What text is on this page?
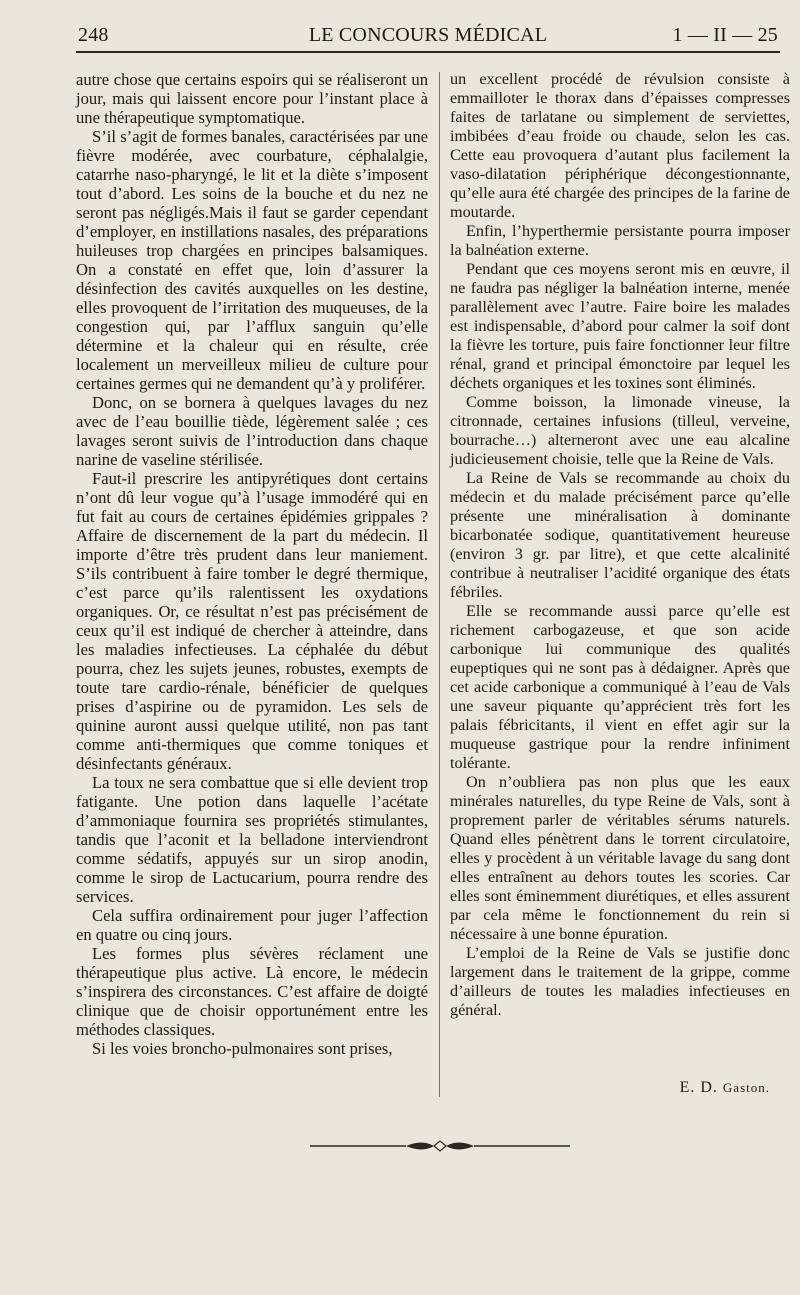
248	LE CONCOURS MÉDICAL	1 — II — 25

autre chose que certains espoirs qui se réaliseront un jour, mais qui laissent encore pour l’instant place à une thérapeutique symptomatique.

S’il s’agit de formes banales, caractérisées par une fièvre modérée, avec courbature, céphalalgie, catarrhe naso-pharyngé, le lit et la diète s’imposent tout d’abord. Les soins de la bouche et du nez ne seront pas négligés.Mais il faut se garder cependant d’employer, en instillations nasales, des préparations huileuses trop chargées en principes balsamiques. On a constaté en effet que, loin d’assurer la désinfection des cavités auxquelles on les destine, elles provoquent de l’irritation des muqueuses, de la congestion qui, par l’afflux sanguin qu’elle détermine et la chaleur qui en résulte, crée localement un merveilleux milieu de culture pour certaines germes qui ne demandent qu’à y proliférer.

Donc, on se bornera à quelques lavages du nez avec de l’eau bouillie tiède, légèrement salée ; ces lavages seront suivis de l’introduction dans chaque narine de vaseline stérilisée.

Faut-il prescrire les antipyrétiques dont certains n’ont dû leur vogue qu’à l’usage immodéré qui en fut fait au cours de certaines épidémies grippales ? Affaire de discernement de la part du médecin. Il importe d’être très prudent dans leur maniement. S’ils contribuent à faire tomber le degré thermique, c’est parce qu’ils ralentissent les oxydations organiques. Or, ce résultat n’est pas précisément de ceux qu’il est indiqué de chercher à atteindre, dans les maladies infectieuses. La céphalée du début pourra, chez les sujets jeunes, robustes, exempts de toute tare cardio-rénale, bénéficier de quelques prises d’aspirine ou de pyramidon. Les sels de quinine auront aussi quelque utilité, non pas tant comme anti-thermiques que comme toniques et désinfectants généraux.

La toux ne sera combattue que si elle devient trop fatigante. Une potion dans laquelle l’acétate d’ammoniaque fournira ses propriétés stimulantes, tandis que l’aconit et la belladone interviendront comme sédatifs, appuyés sur un sirop anodin, comme le sirop de Lactucarium, pourra rendre des services.

Cela suffira ordinairement pour juger l’affection en quatre ou cinq jours.

Les formes plus sévères réclament une thérapeutique plus active. Là encore, le médecin s’inspirera des circonstances. C’est affaire de doigté clinique que de choisir opportunément entre les méthodes classiques.

Si les voies broncho-pulmonaires sont prises,

un excellent procédé de révulsion consiste à emmailloter le thorax dans d’épaisses compresses faites de tarlatane ou simplement de serviettes, imbibées d’eau froide ou chaude, selon les cas. Cette eau provoquera d’autant plus facilement la vaso-dilatation périphérique décongestionnante, qu’elle aura été chargée des principes de la farine de moutarde.

Enfin, l’hyperthermie persistante pourra imposer la balnéation externe.

Pendant que ces moyens seront mis en œuvre, il ne faudra pas négliger la balnéation interne, menée parallèlement avec l’autre. Faire boire les malades est indispensable, d’abord pour calmer la soif dont la fièvre les torture, puis faire fonctionner leur filtre rénal, grand et principal émonctoire par lequel les déchets organiques et les toxines sont éliminés.

Comme boisson, la limonade vineuse, la citronnade, certaines infusions (tilleul, verveine, bourrache…) alterneront avec une eau alcaline judicieusement choisie, telle que la Reine de Vals.

La Reine de Vals se recommande au choix du médecin et du malade précisément parce qu’elle présente une minéralisation à dominante bicarbonatée sodique, quantitativement heureuse (environ 3 gr. par litre), et que cette alcalinité contribue à neutraliser l’acidité organique des états fébriles.

Elle se recommande aussi parce qu’elle est richement carbogazeuse, et que son acide carbonique lui communique des qualités eupeptiques qui ne sont pas à dédaigner. Après que cet acide carbonique a communiqué à l’eau de Vals une saveur piquante qu’apprécient très fort les palais fébricitants, il vient en effet agir sur la muqueuse gastrique pour la rendre infiniment tolérante.

On n’oubliera pas non plus que les eaux minérales naturelles, du type Reine de Vals, sont à proprement parler de véritables sérums naturels. Quand elles pénètrent dans le torrent circulatoire, elles y procèdent à un véritable lavage du sang dont elles entraînent au dehors toutes les scories. Car elles sont éminemment diurétiques, et elles assurent par cela même le fonctionnement du rein si nécessaire à une bonne épuration.

L’emploi de la Reine de Vals se justifie donc largement dans le traitement de la grippe, comme d’ailleurs de toutes les maladies infectieuses en général.

E. D. Gaston.
